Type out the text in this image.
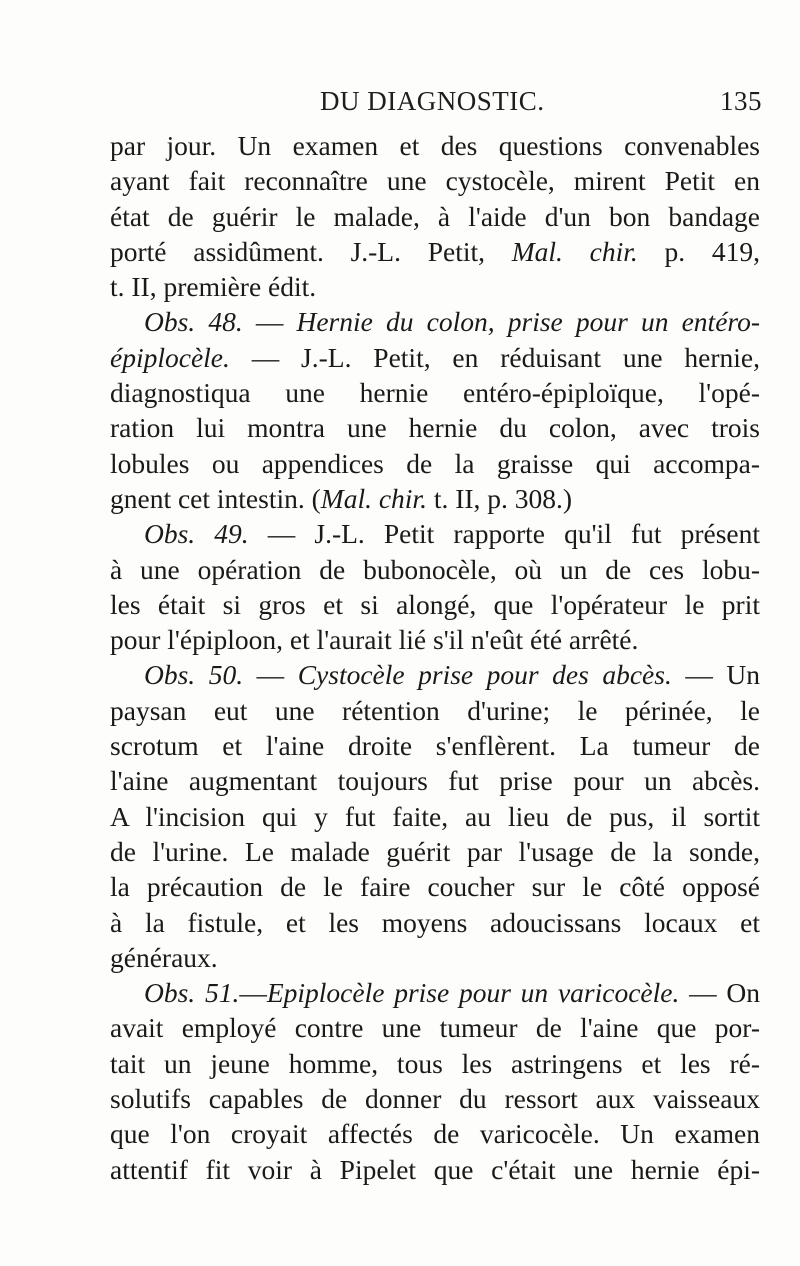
DU DIAGNOSTIC.	135
par jour. Un examen et des questions convenables
ayant fait reconnaître une cystocèle, mirent Petit en
état de guérir le malade, à l'aide d'un bon bandage
porté assidûment. J.-L. Petit, Mal. chir. p. 419,
t. II, première édit.
Obs. 48. — Hernie du colon, prise pour un entéro-
épiplocèle. — J.-L. Petit, en réduisant une hernie,
diagnostiqua une hernie entéro-épiploïque, l'opé-
ration lui montra une hernie du colon, avec trois
lobules ou appendices de la graisse qui accompa-
gnent cet intestin. (Mal. chir. t. II, p. 308.)
Obs. 49. — J.-L. Petit rapporte qu'il fut présent
à une opération de bubonocèle, où un de ces lobu-
les était si gros et si alongé, que l'opérateur le prit
pour l'épiploon, et l'aurait lié s'il n'eût été arrêté.
Obs. 50. — Cystocèle prise pour des abcès. — Un
paysan eut une rétention d'urine; le périnée, le
scrotum et l'aine droite s'enflèrent. La tumeur de
l'aine augmentant toujours fut prise pour un abcès.
A l'incision qui y fut faite, au lieu de pus, il sortit
de l'urine. Le malade guérit par l'usage de la sonde,
la précaution de le faire coucher sur le côté opposé
à la fistule, et les moyens adoucissans locaux et
généraux.
Obs. 51.—Epiplocèle prise pour un varicocèle. — On
avait employé contre une tumeur de l'aine que por-
tait un jeune homme, tous les astringens et les ré-
solutifs capables de donner du ressort aux vaisseaux
que l'on croyait affectés de varicocèle. Un examen
attentif fit voir à Pipelet que c'était une hernie épi-
